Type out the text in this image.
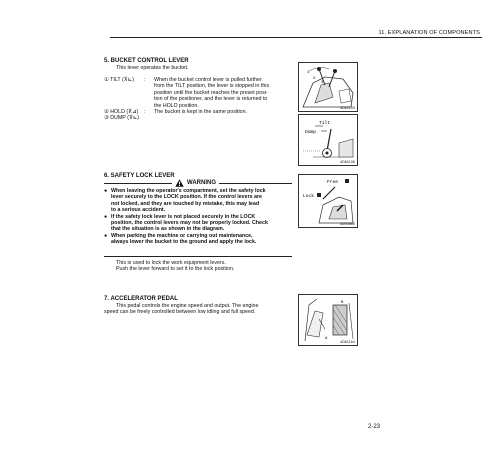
11. EXPLANATION OF COMPONENTS
5. BUCKET CONTROL LEVER
This lever operates the bucket.
① TILT (⊼⊾)	:	When the bucket control lever is pulled further
from the TILT position, the lever is stopped in this
position until the bucket reaches the preset posi-
tion of the positioner, and the lever is returned to
the HOLD position.
② HOLD (⊼⊿)	:	The bucket is kept in the same position.
③ DUMP (⊽⊾)
1
2
3
4D61103
Tilt
Dump
4D61106
6. SAFETY LOCK LEVER
WARNING
● When leaving the operator's compartment, set the safety lock
lever securely to the LOCK position. If the control levers are
not locked, and they are touched by mistake, this may lead
to a serious accident.
● If the safety lock lever is not placed securely in the LOCK
position, the control levers may not be properly locked. Check
that the situation is as shown in the diagram.
● When parking the machine or carrying out maintenance,
always lower the bucket to the ground and apply the lock.
This is used to lock the work equipment levers.
Push the lever forward to set it to the lock position.
Free
Lock
4D60860
7. ACCELERATOR PEDAL
This pedal controls the engine speed and output. The engine
speed can be freely controlled between low idling and full speed.
A
B
4D61164
2-23
